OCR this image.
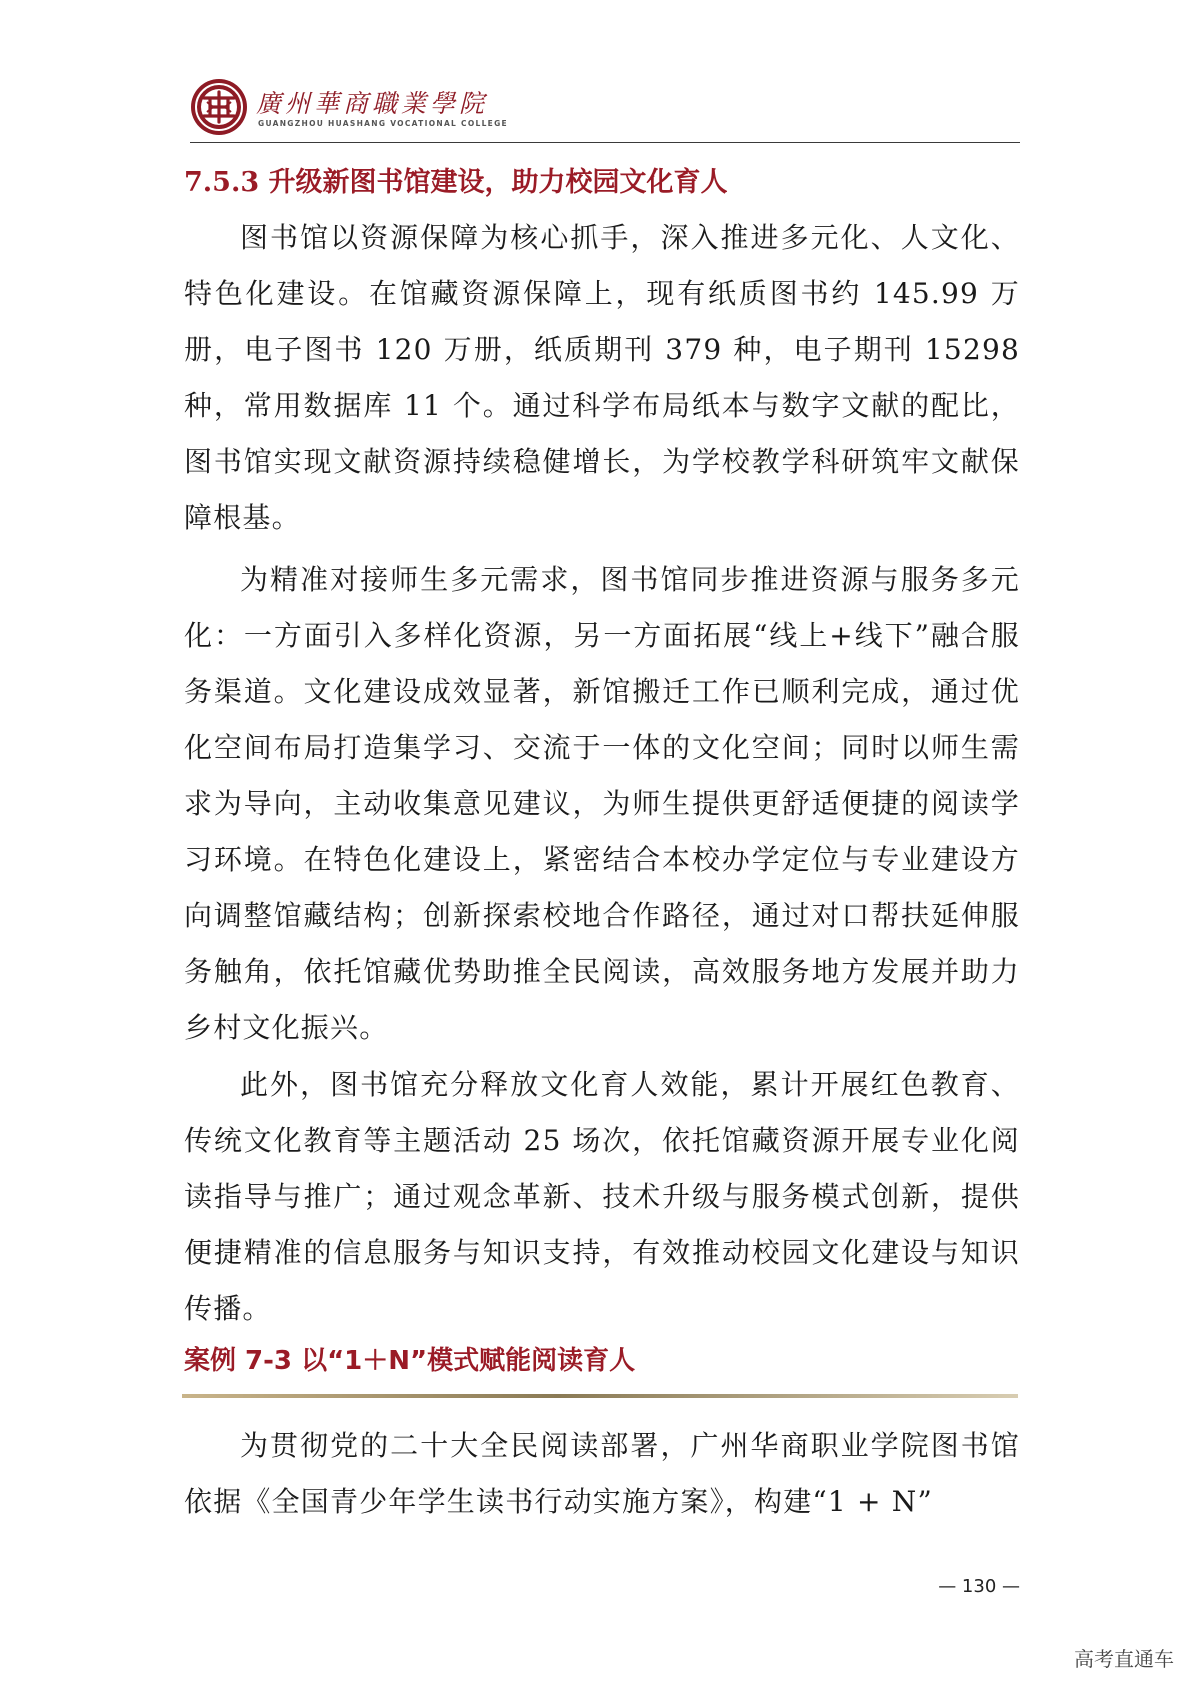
廣州華商職業學院
GUANGZHOU HUASHANG VOCATIONAL COLLEGE
7.5.3 升级新图书馆建设，助力校园文化育人

图书馆以资源保障为核心抓手，深入推进多元化、人文化、特色化建设。在馆藏资源保障上，现有纸质图书约 145.99 万册，电子图书 120 万册，纸质期刊 379 种，电子期刊 15298 种，常用数据库 11 个。通过科学布局纸本与数字文献的配比，图书馆实现文献资源持续稳健增长，为学校教学科研筑牢文献保障根基。

为精准对接师生多元需求，图书馆同步推进资源与服务多元化：一方面引入多样化资源，另一方面拓展“线上+线下”融合服务渠道。文化建设成效显著，新馆搬迁工作已顺利完成，通过优化空间布局打造集学习、交流于一体的文化空间；同时以师生需求为导向，主动收集意见建议，为师生提供更舒适便捷的阅读学习环境。在特色化建设上，紧密结合本校办学定位与专业建设方向调整馆藏结构；创新探索校地合作路径，通过对口帮扶延伸服务触角，依托馆藏优势助推全民阅读，高效服务地方发展并助力乡村文化振兴。

此外，图书馆充分释放文化育人效能，累计开展红色教育、传统文化教育等主题活动 25 场次，依托馆藏资源开展专业化阅读指导与推广；通过观念革新、技术升级与服务模式创新，提供便捷精准的信息服务与知识支持，有效推动校园文化建设与知识传播。

案例 7-3 以“1＋N”模式赋能阅读育人

为贯彻党的二十大全民阅读部署，广州华商职业学院图书馆依据《全国青少年学生读书行动实施方案》，构建“1 + N”

— 130 —
高考直通车
